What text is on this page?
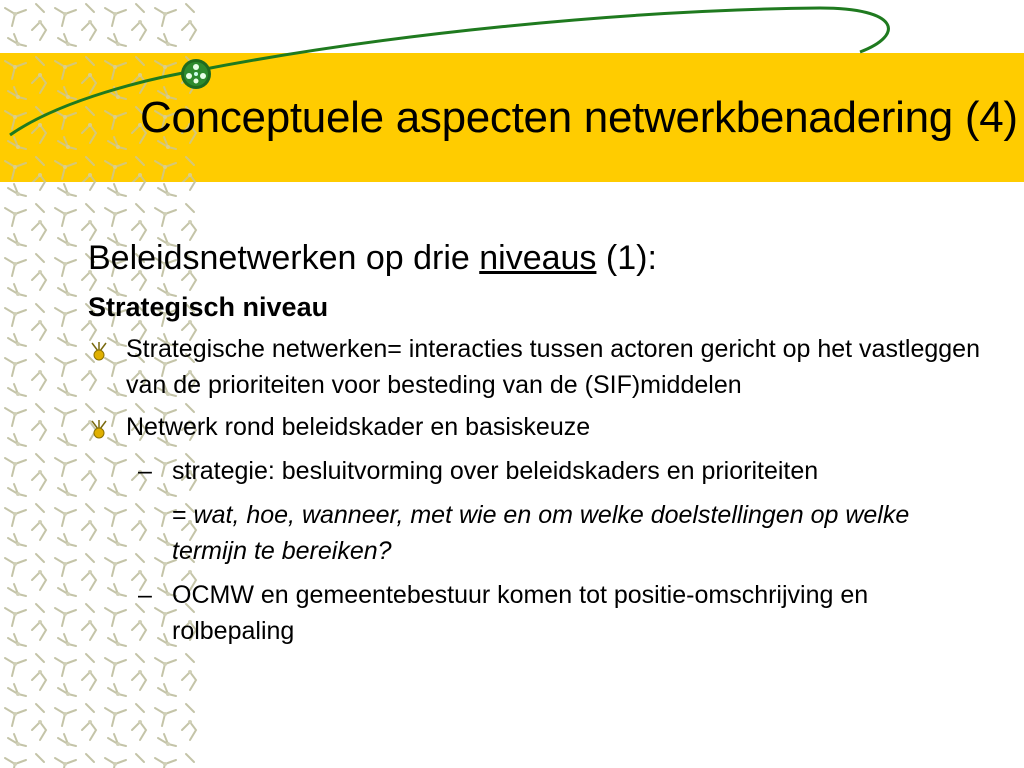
Conceptuele aspecten netwerkbenadering (4)
Beleidsnetwerken op drie niveaus (1):
Strategisch niveau
Strategische netwerken= interacties tussen actoren gericht op het vastleggen van de prioriteiten voor besteding van de (SIF)middelen
Netwerk rond beleidskader en basiskeuze
– strategie: besluitvorming over beleidskaders en prioriteiten
= wat, hoe, wanneer, met wie en om welke doelstellingen op welke termijn te bereiken?
– OCMW en gemeentebestuur komen tot positie-omschrijving en rolbepaling
